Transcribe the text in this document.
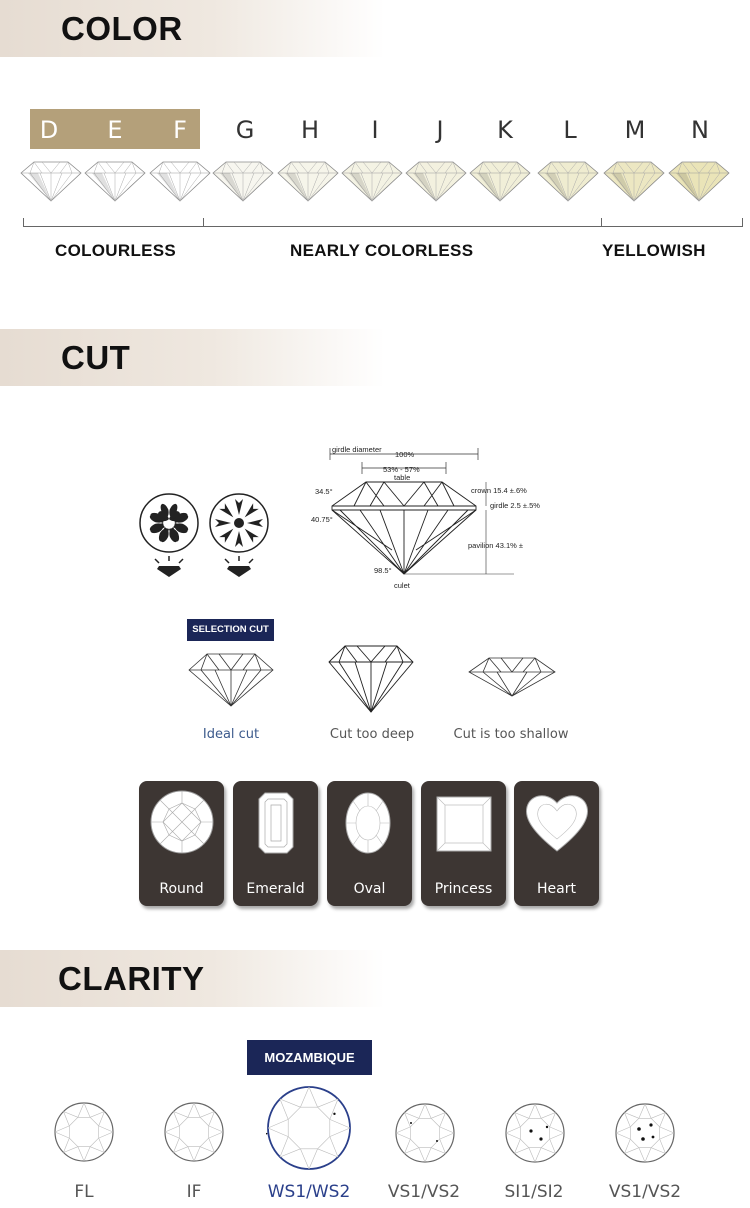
COLOR
D	E	F	G	H	I	J	K	L	M	N
COLOURLESS	NEARLY COLORLESS	YELLOWISH
CUT
girdle diameter
100%
53% - 57%
table
34.5°
40.75°
crown 15.4 ±.6%
girdle 2.5 ±.5%
pavilion 43.1% ±
98.5°
culet
SELECTION CUT
Ideal cut	Cut too deep	Cut is too shallow
Round	Emerald	Oval	Princess	Heart
CLARITY
MOZAMBIQUE
FL	IF	WS1/WS2	VS1/VS2	SI1/SI2	VS1/VS2
